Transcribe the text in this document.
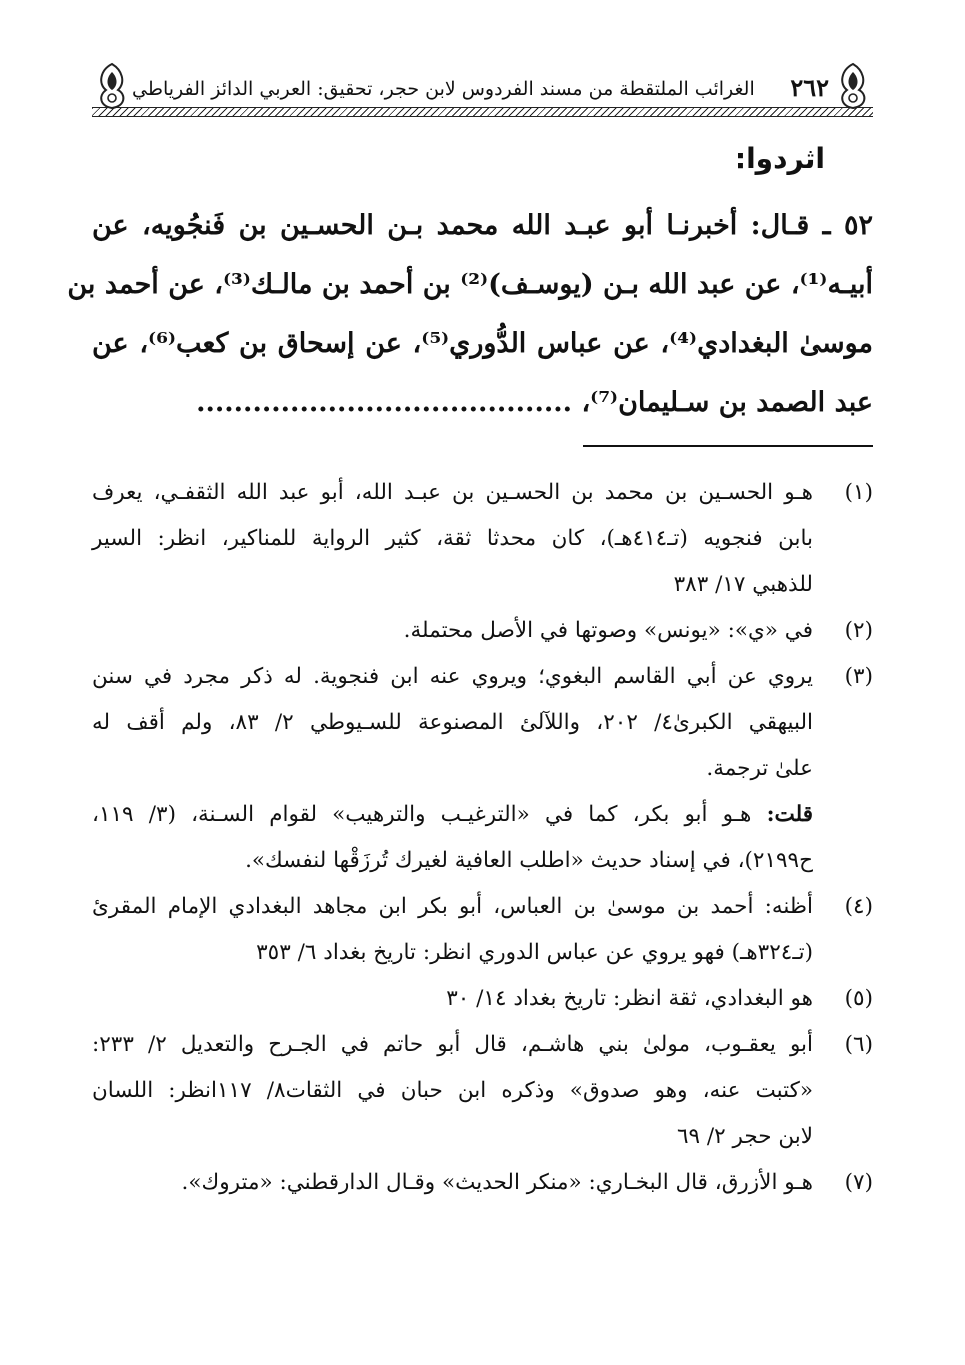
٢٦٢
الغرائب الملتقطة من مسند الفردوس لابن حجر، تحقيق: العربي الدائز الفرياطي
اثردوا:
٥٢ ـ قـال: أخبرنـا أبو عبـد الله محمد بـن الحسـين بن فَنجُويه، عن
أبيـه⁽¹⁾، عن عبد الله بـن (يوسـف)⁽²⁾ بن أحمد بن مالـك⁽³⁾، عن أحمد بن
موسىٰ البغدادي⁽⁴⁾، عن عباس الدُّوري⁽⁵⁾، عن إسحاق بن كعب⁽⁶⁾، عن
عبد الصمد بن سـليمان⁽⁷⁾، ........................................
(١)
هـو الحسـين بن محمد بن الحسـين بن عبـد الله، أبو عبد الله الثقفـي، يعرف
بابن فنجويه (تـ٤١٤هـ)، كان محدثا ثقة، كثير الرواية للمناكير، انظر: السير
للذهبي ١٧/ ٣٨٣
(٢)
في «ي»: «يونس» وصوتها في الأصل محتملة.
(٣)
يروي عن أبي القاسم البغوي؛ ويروي عنه ابن فنجوية. له ذكر مجرد في سنن
البيهقي الكبرىٰ٤/ ٢٠٢، واللآلئ المصنوعة للسـيوطي ٢/ ٨٣، ولم أقف له
علىٰ ترجمة.
قلت: هـو أبو بكر، كما في «الترغيـب والترهيب» لقوام السـنة، (٣/ ١١٩،
ح٢١٩٩)، في إسناد حديث «اطلب العافية لغيرك تُرزَقْها لنفسك».
(٤)
أظنه: أحمد بن موسىٰ بن العباس، أبو بكر ابن مجاهد البغدادي الإمام المقرئ
(تـ٣٢٤هـ) فهو يروي عن عباس الدوري انظر: تاريخ بغداد ٦/ ٣٥٣
(٥)
هو البغدادي، ثقة انظر: تاريخ بغداد ١٤/ ٣٠
(٦)
أبو يعقـوب، مولىٰ بني هاشـم، قال أبو حاتم في الجـرح والتعديل ٢/ ٢٣٣:
«كتبت عنه، وهو صدوق» وذكره ابن حبان في الثقات٨/ ١١٧انظر: اللسان
لابن حجر ٢/ ٦٩
(٧)
هـو الأزرق، قال البخـاري: «منكر الحديث» وقـال الدارقطني: «متروك».
